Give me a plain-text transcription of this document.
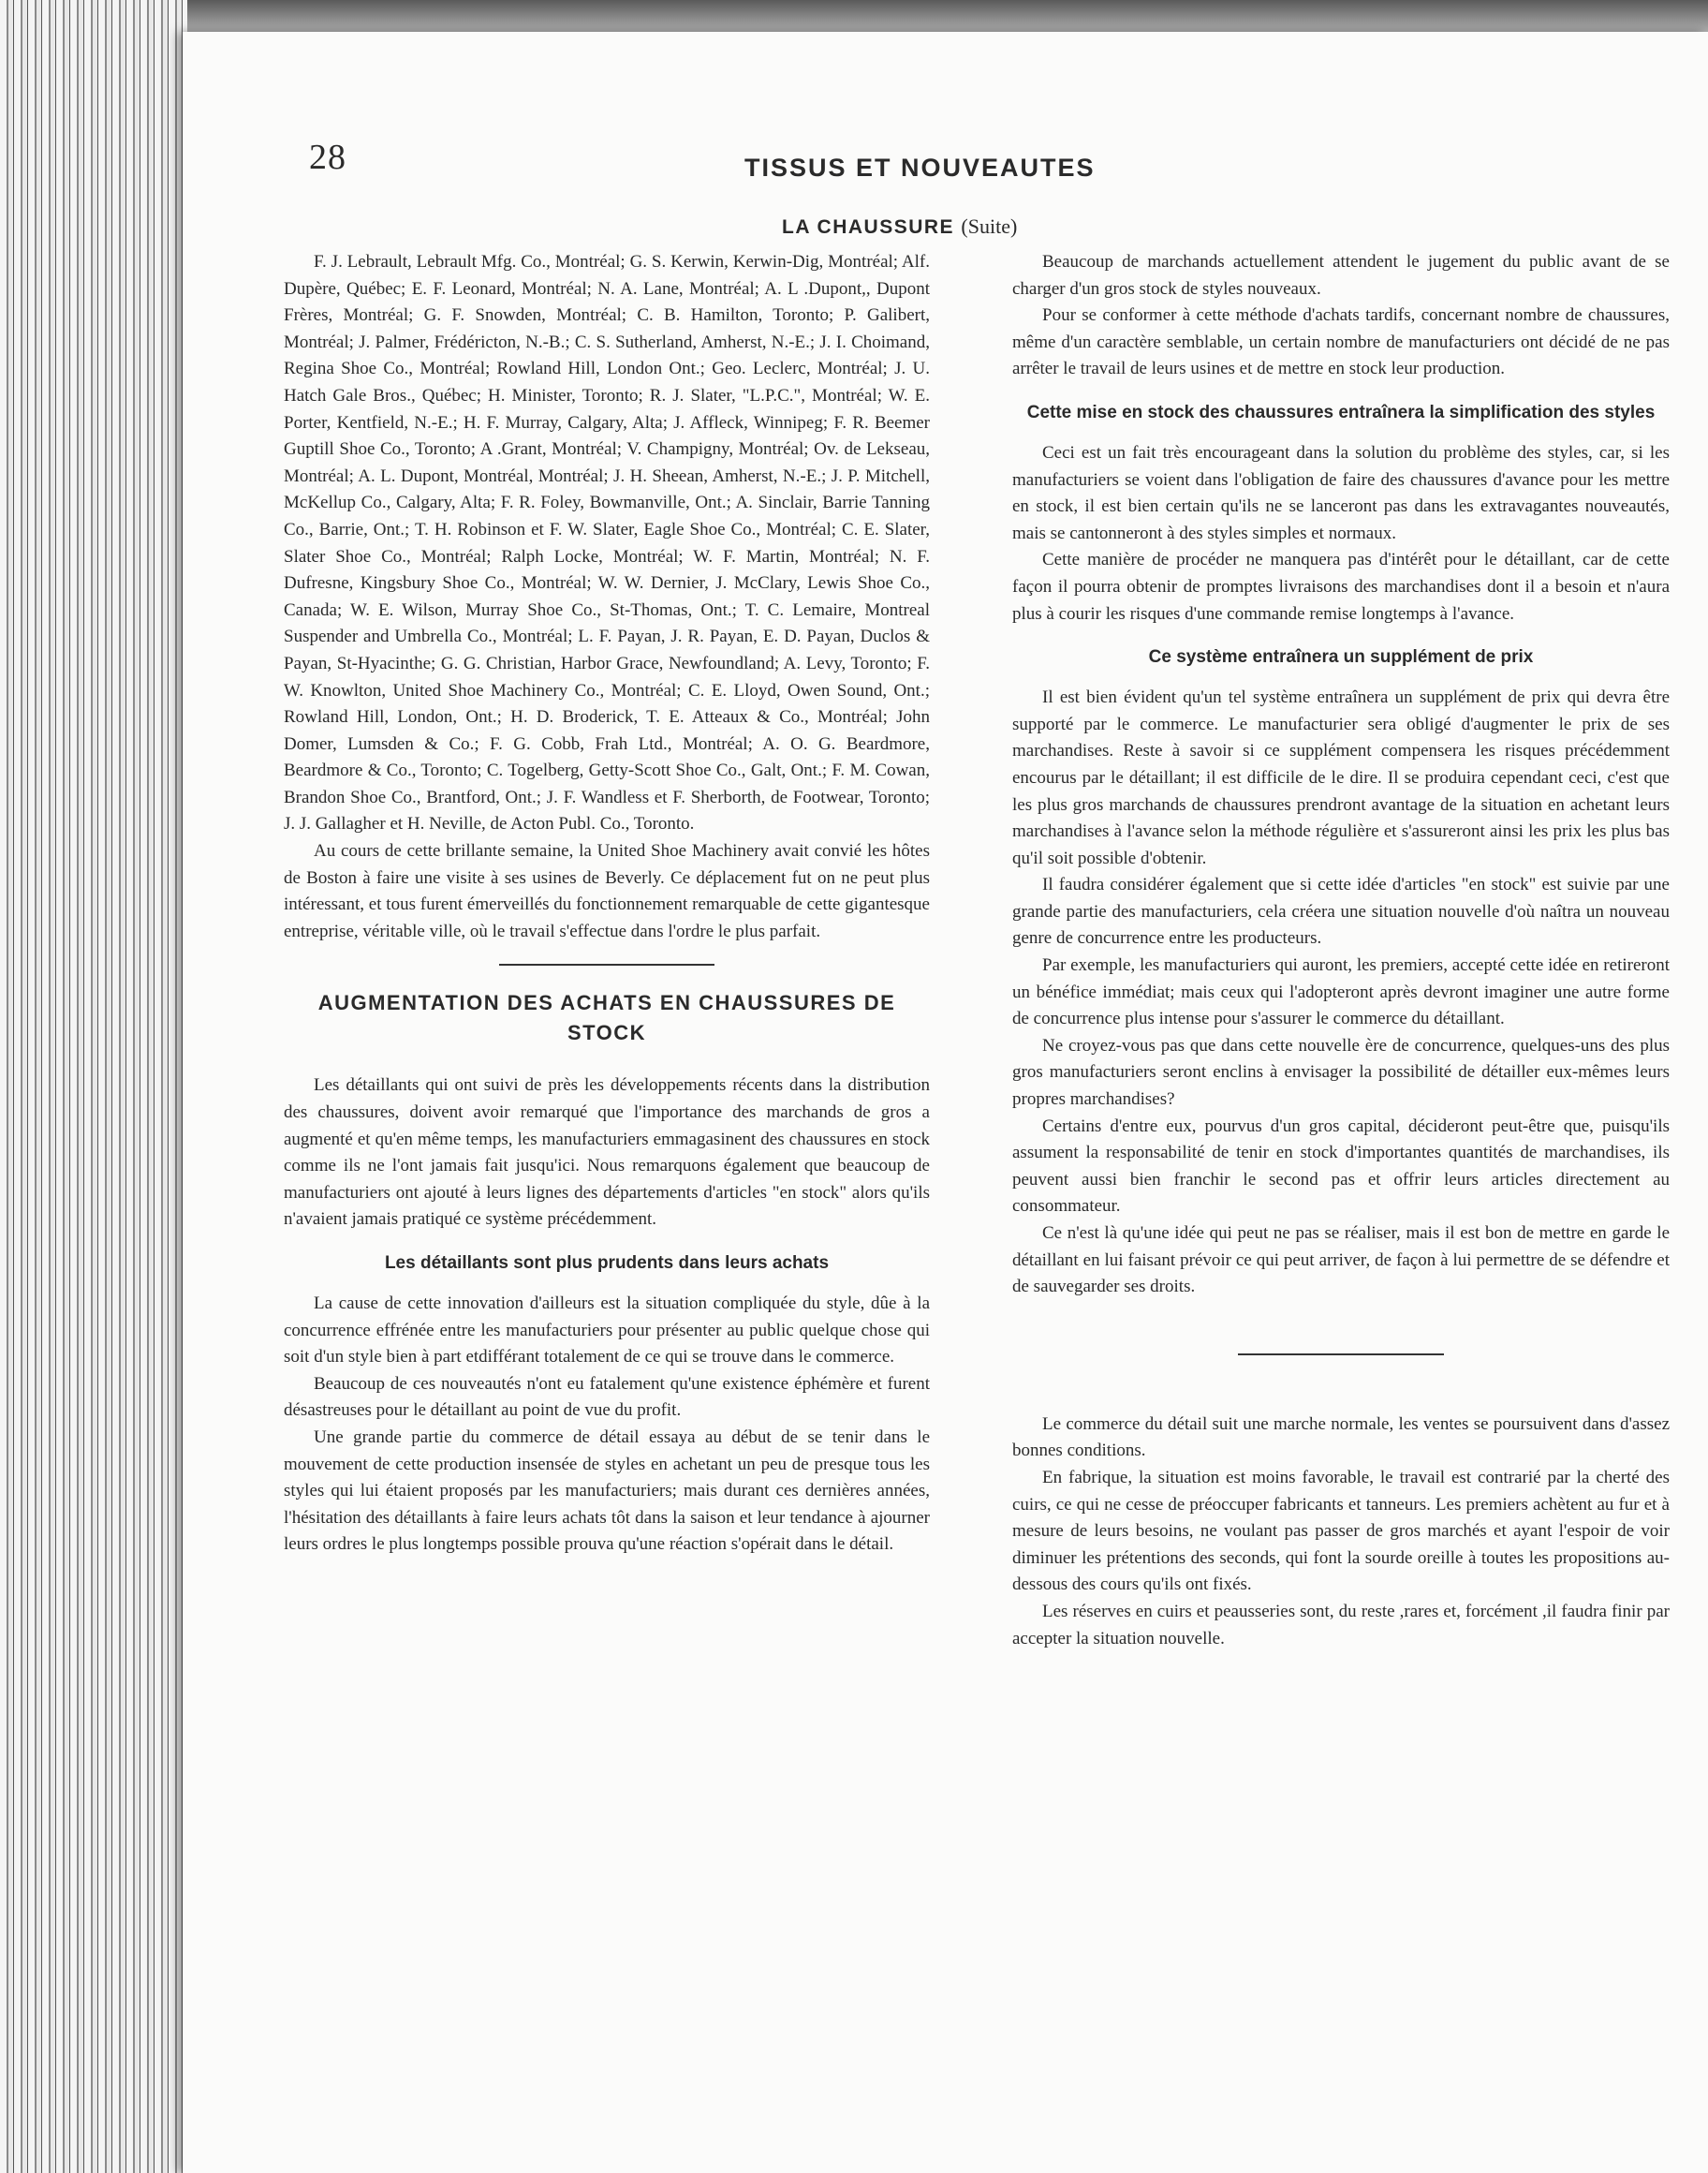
28	TISSUS ET NOUVEAUTES
LA CHAUSSURE (Suite)

F. J. Lebrault, Lebrault Mfg. Co., Montréal; G. S. Kerwin, Kerwin-Dig, Montréal; Alf. Dupère, Québec; E. F. Leonard, Montréal; N. A. Lane, Montréal; A. L .Dupont,, Dupont Frères, Montréal; G. F. Snowden, Montréal; C. B. Hamilton, Toronto; P. Galibert, Montréal; J. Palmer, Frédéricton, N.-B.; C. S. Sutherland, Amherst, N.-E.; J. I. Choimand, Regina Shoe Co., Montréal; Rowland Hill, London Ont.; Geo. Leclerc, Montréal; J. U. Hatch Gale Bros., Québec; H. Minister, Toronto; R. J. Slater, "L.P.C.", Montréal; W. E. Porter, Kentfield, N.-E.; H. F. Murray, Calgary, Alta; J. Affleck, Winnipeg; F. R. Beemer Guptill Shoe Co., Toronto; A .Grant, Montréal; V. Champigny, Montréal; Ov. de Lekseau, Montréal; A. L. Dupont, Montréal, Montréal; J. H. Sheean, Amherst, N.-E.; J. P. Mitchell, McKellup Co., Calgary, Alta; F. R. Foley, Bowmanville, Ont.; A. Sinclair, Barrie Tanning Co., Barrie, Ont.; T. H. Robinson et F. W. Slater, Eagle Shoe Co., Montréal; C. E. Slater, Slater Shoe Co., Montréal; Ralph Locke, Montréal; W. F. Martin, Montréal; N. F. Dufresne, Kingsbury Shoe Co., Montréal; W. W. Dernier, J. McClary, Lewis Shoe Co., Canada; W. E. Wilson, Murray Shoe Co., St-Thomas, Ont.; T. C. Lemaire, Montreal Suspender and Umbrella Co., Montréal; L. F. Payan, J. R. Payan, E. D. Payan, Duclos & Payan, St-Hyacinthe; G. G. Christian, Harbor Grace, Newfoundland; A. Levy, Toronto; F. W. Knowlton, United Shoe Machinery Co., Montréal; C. E. Lloyd, Owen Sound, Ont.; Rowland Hill, London, Ont.; H. D. Broderick, T. E. Atteaux & Co., Montréal; John Domer, Lumsden & Co.; F. G. Cobb, Frah Ltd., Montréal; A. O. G. Beardmore, Beardmore & Co., Toronto; C. Togelberg, Getty-Scott Shoe Co., Galt, Ont.; F. M. Cowan, Brandon Shoe Co., Brantford, Ont.; J. F. Wandless et F. Sherborth, de Footwear, Toronto; J. J. Gallagher et H. Neville, de Acton Publ. Co., Toronto.

Au cours de cette brillante semaine, la United Shoe Machinery avait convié les hôtes de Boston à faire une visite à ses usines de Beverly. Ce déplacement fut on ne peut plus intéressant, et tous furent émerveillés du fonctionnement remarquable de cette gigantesque entreprise, véritable ville, où le travail s'effectue dans l'ordre le plus parfait.

AUGMENTATION DES ACHATS EN CHAUSSURES DE STOCK

Les détaillants qui ont suivi de près les développements récents dans la distribution des chaussures, doivent avoir remarqué que l'importance des marchands de gros a augmenté et qu'en même temps, les manufacturiers emmagasinent des chaussures en stock comme ils ne l'ont jamais fait jusqu'ici. Nous remarquons également que beaucoup de manufacturiers ont ajouté à leurs lignes des départements d'articles "en stock" alors qu'ils n'avaient jamais pratiqué ce système précédemment.

Les détaillants sont plus prudents dans leurs achats

La cause de cette innovation d'ailleurs est la situation compliquée du style, dûe à la concurrence effrénée entre les manufacturiers pour présenter au public quelque chose qui soit d'un style bien à part etdifférant totalement de ce qui se trouve dans le commerce.

Beaucoup de ces nouveautés n'ont eu fatalement qu'une existence éphémère et furent désastreuses pour le détaillant au point de vue du profit.

Une grande partie du commerce de détail essaya au début de se tenir dans le mouvement de cette production insensée de styles en achetant un peu de presque tous les styles qui lui étaient proposés par les manufacturiers; mais durant ces dernières années, l'hésitation des détaillants à faire leurs achats tôt dans la saison et leur tendance à ajourner leurs ordres le plus longtemps possible prouva qu'une réaction s'opérait dans le détail.

Beaucoup de marchands actuellement attendent le jugement du public avant de se charger d'un gros stock de styles nouveaux.

Pour se conformer à cette méthode d'achats tardifs, concernant nombre de chaussures, même d'un caractère semblable, un certain nombre de manufacturiers ont décidé de ne pas arrêter le travail de leurs usines et de mettre en stock leur production.

Cette mise en stock des chaussures entraînera la simplification des styles

Ceci est un fait très encourageant dans la solution du problème des styles, car, si les manufacturiers se voient dans l'obligation de faire des chaussures d'avance pour les mettre en stock, il est bien certain qu'ils ne se lanceront pas dans les extravagantes nouveautés, mais se cantonneront à des styles simples et normaux.

Cette manière de procéder ne manquera pas d'intérêt pour le détaillant, car de cette façon il pourra obtenir de promptes livraisons des marchandises dont il a besoin et n'aura plus à courir les risques d'une commande remise longtemps à l'avance.

Ce système entraînera un supplément de prix

Il est bien évident qu'un tel système entraînera un supplément de prix qui devra être supporté par le commerce. Le manufacturier sera obligé d'augmenter le prix de ses marchandises. Reste à savoir si ce supplément compensera les risques précédemment encourus par le détaillant; il est difficile de le dire. Il se produira cependant ceci, c'est que les plus gros marchands de chaussures prendront avantage de la situation en achetant leurs marchandises à l'avance selon la méthode régulière et s'assureront ainsi les prix les plus bas qu'il soit possible d'obtenir.

Il faudra considérer également que si cette idée d'articles "en stock" est suivie par une grande partie des manufacturiers, cela créera une situation nouvelle d'où naîtra un nouveau genre de concurrence entre les producteurs.

Par exemple, les manufacturiers qui auront, les premiers, accepté cette idée en retireront un bénéfice immédiat; mais ceux qui l'adopteront après devront imaginer une autre forme de concurrence plus intense pour s'assurer le commerce du détaillant.

Ne croyez-vous pas que dans cette nouvelle ère de concurrence, quelques-uns des plus gros manufacturiers seront enclins à envisager la possibilité de détailler eux-mêmes leurs propres marchandises?

Certains d'entre eux, pourvus d'un gros capital, décideront peut-être que, puisqu'ils assument la responsabilité de tenir en stock d'importantes quantités de marchandises, ils peuvent aussi bien franchir le second pas et offrir leurs articles directement au consommateur.

Ce n'est là qu'une idée qui peut ne pas se réaliser, mais il est bon de mettre en garde le détaillant en lui faisant prévoir ce qui peut arriver, de façon à lui permettre de se défendre et de sauvegarder ses droits.

Le commerce du détail suit une marche normale, les ventes se poursuivent dans d'assez bonnes conditions.

En fabrique, la situation est moins favorable, le travail est contrarié par la cherté des cuirs, ce qui ne cesse de préoccuper fabricants et tanneurs. Les premiers achètent au fur et à mesure de leurs besoins, ne voulant pas passer de gros marchés et ayant l'espoir de voir diminuer les prétentions des seconds, qui font la sourde oreille à toutes les propositions au-dessous des cours qu'ils ont fixés.

Les réserves en cuirs et peausseries sont, du reste ,rares et, forcément ,il faudra finir par accepter la situation nouvelle.
